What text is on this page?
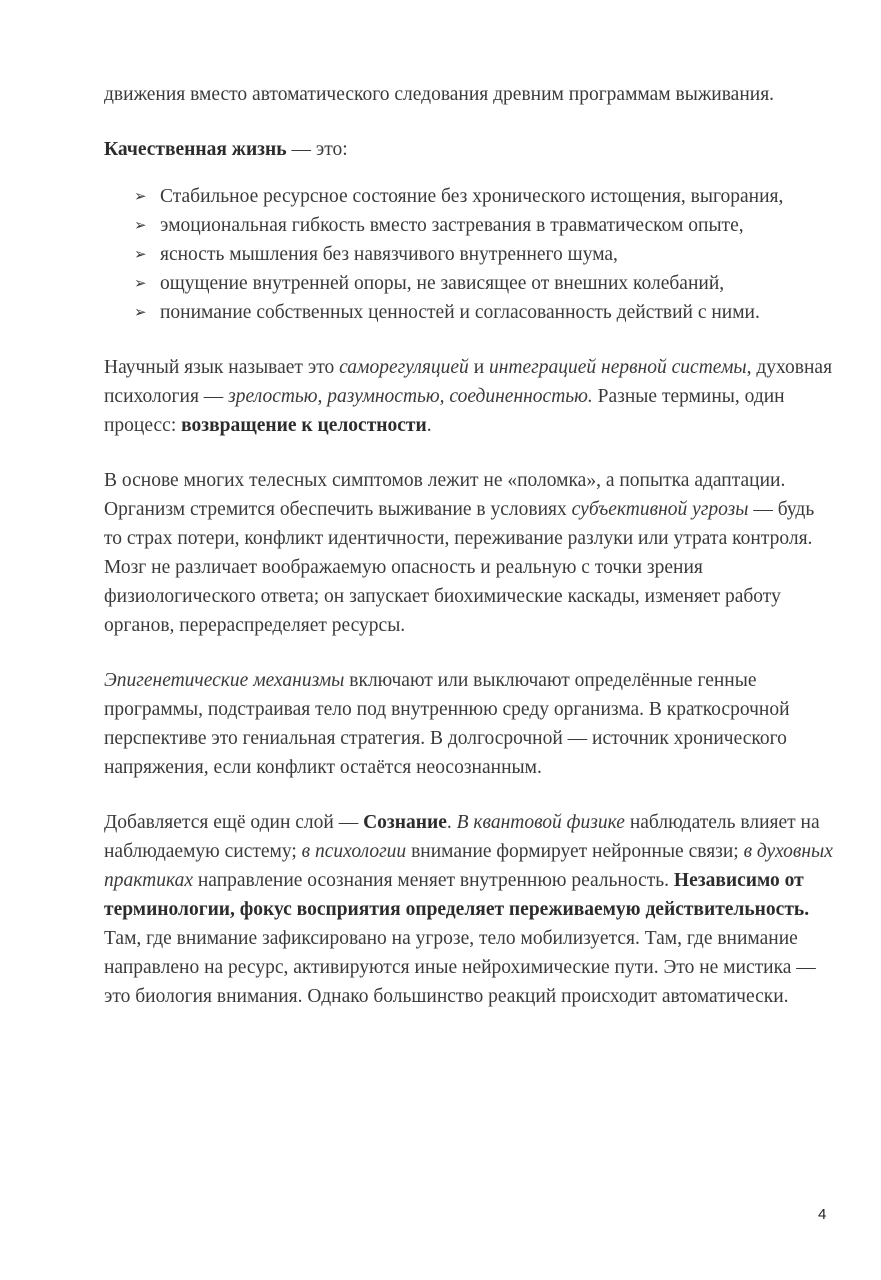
движения вместо автоматического следования древним программам выживания.

Качественная жизнь — это:

➢ Стабильное ресурсное состояние без хронического истощения, выгорания,
➢ эмоциональная гибкость вместо застревания в травматическом опыте,
➢ ясность мышления без навязчивого внутреннего шума,
➢ ощущение внутренней опоры, не зависящее от внешних колебаний,
➢ понимание собственных ценностей и согласованность действий с ними.

Научный язык называет это саморегуляцией и интеграцией нервной системы, духовная психология — зрелостью, разумностью, соединенностью. Разные термины, один процесс: возвращение к целостности.

В основе многих телесных симптомов лежит не «поломка», а попытка адаптации. Организм стремится обеспечить выживание в условиях субъективной угрозы — будь то страх потери, конфликт идентичности, переживание разлуки или утрата контроля. Мозг не различает воображаемую опасность и реальную с точки зрения физиологического ответа; он запускает биохимические каскады, изменяет работу органов, перераспределяет ресурсы.

Эпигенетические механизмы включают или выключают определённые генные программы, подстраивая тело под внутреннюю среду организма. В краткосрочной перспективе это гениальная стратегия. В долгосрочной — источник хронического напряжения, если конфликт остаётся неосознанным.

Добавляется ещё один слой — Сознание. В квантовой физике наблюдатель влияет на наблюдаемую систему; в психологии внимание формирует нейронные связи; в духовных практиках направление осознания меняет внутреннюю реальность. Независимо от терминологии, фокус восприятия определяет переживаемую действительность. Там, где внимание зафиксировано на угрозе, тело мобилизуется. Там, где внимание направлено на ресурс, активируются иные нейрохимические пути. Это не мистика — это биология внимания. Однако большинство реакций происходит автоматически.

4
